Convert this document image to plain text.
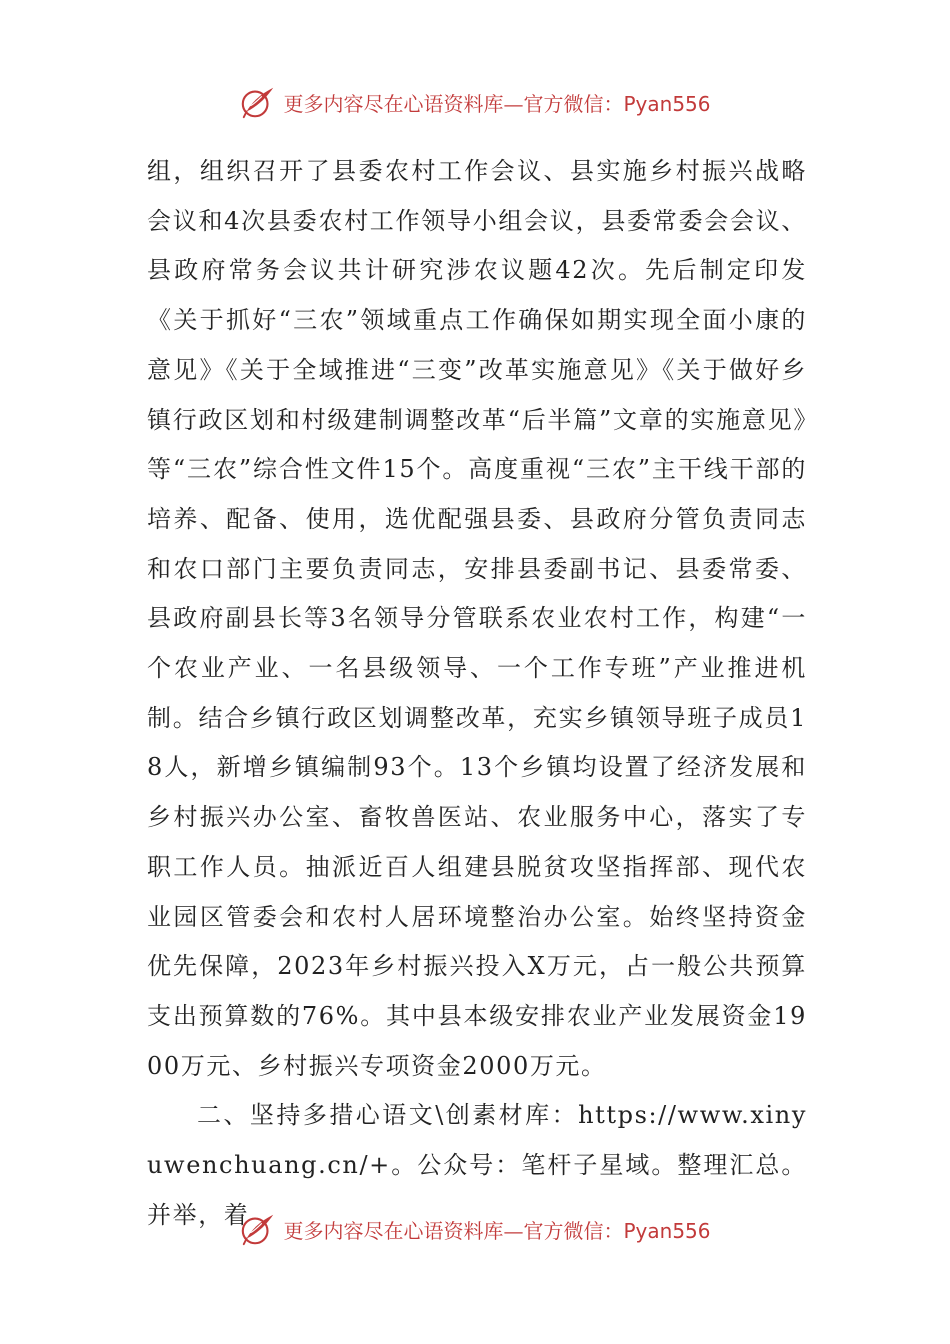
更多内容尽在心语资料库—官方微信：Pyan556

组，组织召开了县委农村工作会议、县实施乡村振兴战略会议和4次县委农村工作领导小组会议，县委常委会会议、县政府常务会议共计研究涉农议题42次。先后制定印发《关于抓好“三农”领域重点工作确保如期实现全面小康的意见》《关于全域推进“三变”改革实施意见》《关于做好乡镇行政区划和村级建制调整改革“后半篇”文章的实施意见》等“三农”综合性文件15个。高度重视“三农”主干线干部的培养、配备、使用，选优配强县委、县政府分管负责同志和农口部门主要负责同志，安排县委副书记、县委常委、县政府副县长等3名领导分管联系农业农村工作，构建“一个农业产业、一名县级领导、一个工作专班”产业推进机制。结合乡镇行政区划调整改革，充实乡镇领导班子成员18人，新增乡镇编制93个。13个乡镇均设置了经济发展和乡村振兴办公室、畜牧兽医站、农业服务中心，落实了专职工作人员。抽派近百人组建县脱贫攻坚指挥部、现代农业园区管委会和农村人居环境整治办公室。始终坚持资金优先保障，2023年乡村振兴投入X万元，占一般公共预算支出预算数的76%。其中县本级安排农业产业发展资金1900万元、乡村振兴专项资金2000万元。

二、坚持多措心语文\创素材库：https://www.xinyuwenchuang.cn/+。公众号：笔杆子星域。整理汇总。并举，着

更多内容尽在心语资料库—官方微信：Pyan556
